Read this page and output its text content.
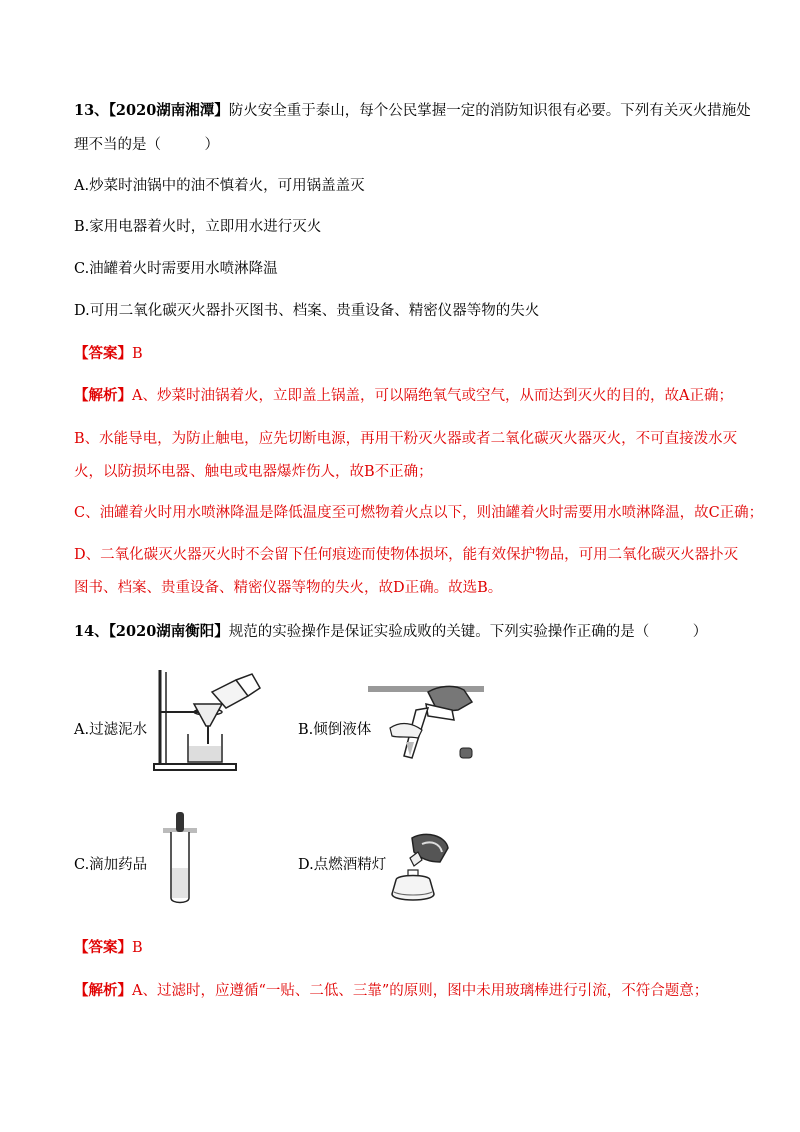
13、【2020湖南湘潭】防火安全重于泰山，每个公民掌握一定的消防知识很有必要。下列有关灭火措施处
理不当的是（　　　）
A.炒菜时油锅中的油不慎着火，可用锅盖盖灭
B.家用电器着火时，立即用水进行灭火
C.油罐着火时需要用水喷淋降温
D.可用二氧化碳灭火器扑灭图书、档案、贵重设备、精密仪器等物的失火
【答案】B
【解析】A、炒菜时油锅着火，立即盖上锅盖，可以隔绝氧气或空气，从而达到灭火的目的，故A正确；
B、水能导电，为防止触电，应先切断电源，再用干粉灭火器或者二氧化碳灭火器灭火，不可直接泼水灭
火，以防损坏电器、触电或电器爆炸伤人，故B不正确；
C、油罐着火时用水喷淋降温是降低温度至可燃物着火点以下，则油罐着火时需要用水喷淋降温，故C正确；
D、二氧化碳灭火器灭火时不会留下任何痕迹而使物体损坏，能有效保护物品，可用二氧化碳灭火器扑灭
图书、档案、贵重设备、精密仪器等物的失火，故D正确。故选B。
14、【2020湖南衡阳】规范的实验操作是保证实验成败的关键。下列实验操作正确的是（　　　）
A.过滤泥水	B.倾倒液体
C.滴加药品	D.点燃酒精灯
【答案】B
【解析】A、过滤时，应遵循“一贴、二低、三靠”的原则，图中未用玻璃棒进行引流，不符合题意；
